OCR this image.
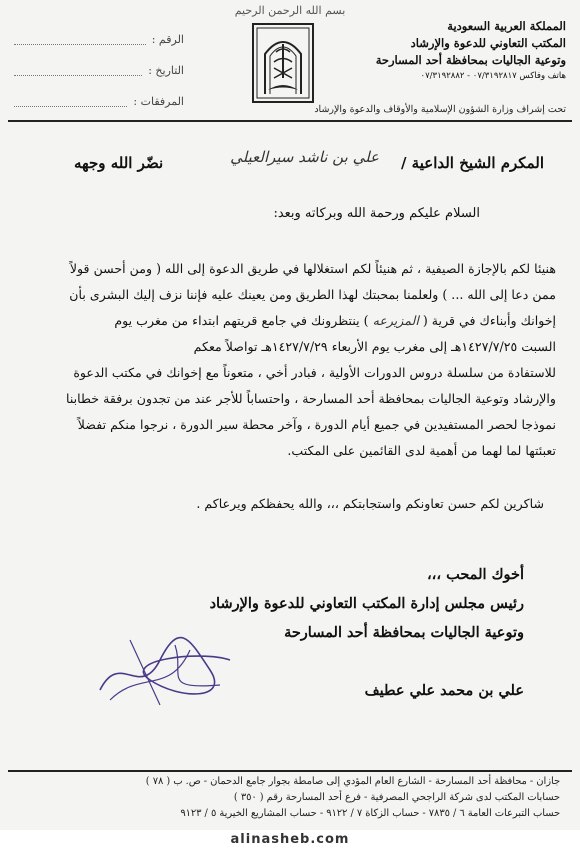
بسم الله الرحمن الرحيم
المملكة العربية السعودية
المكتب التعاوني للدعوة والإرشاد
وتوعية الجاليات بمحافظة أحد المسارحة
هاتف وفاكس ٠٧/٣١٩٢٨١٧ - ٠٧/٣١٩٢٨٨٢
الرقم :
التاريخ :
المرفقات :
تحت إشراف وزارة الشؤون الإسلامية والأوقاف والدعوة والإرشاد
المكرم الشيخ الداعية /
علي بن ناشد سيرالعيلي
نضّر الله وجهه
السلام عليكم ورحمة الله وبركاته وبعد:

هنيئا لكم بالإجازة الصيفية ، ثم هنيئاً لكم استغلالها في طريق الدعوة إلى الله ( ومن أحسن قولاً

ممن دعا إلى الله ... ) ولعلمنا بمحبتك لهذا الطريق ومن يعينك عليه فإننا نزف إليك البشرى بأن

إخوانك وأبناءك في قرية ( المزيرعه ) ينتظرونك في جامع قريتهم ابتداء من مغرب يوم

السبت ١٤٢٧/٧/٢٥هـ إلى مغرب يوم الأربعاء ١٤٢٧/٧/٢٩هـ تواصلاً معكم

للاستفادة من سلسلة دروس الدورات الأولية ، فبادر أخي ، متعوناً مع إخوانك في مكتب الدعوة

والإرشاد وتوعية الجاليات بمحافظة أحد المسارحة ، واحتساباً للأجر عند من تجدون برفقة خطابنا

نموذجا لحصر المستفيدين في جميع أيام الدورة ، وآخر محطة سير الدورة ، نرجوا منكم تفضلاً

تعبئتها لما لهما من أهمية لدى القائمين على المكتب.

شاكرين لكم حسن تعاونكم واستجابتكم ،،، والله يحفظكم ويرعاكم .
أخوك المحب ،،،
رئيس مجلس إدارة المكتب التعاوني للدعوة والإرشاد
وتوعية الجاليات بمحافظة أحد المسارحة
علي بن محمد علي عطيف
جازان - محافظة أحد المسارحة - الشارع العام المؤدي إلى صامطة بجوار جامع الدحمان - ص. ب ( ٧٨ )
حسابات المكتب لدى شركة الراجحي المصرفية - فرع أحد المسارحة رقم ( ٣٥٠ )
حساب التبرعات العامة ٦ / ٧٨٣٥ - حساب الزكاة ٧ / ٩١٢٢ - حساب المشاريع الخيرية ٥ / ٩١٢٣
alinasheb.com
